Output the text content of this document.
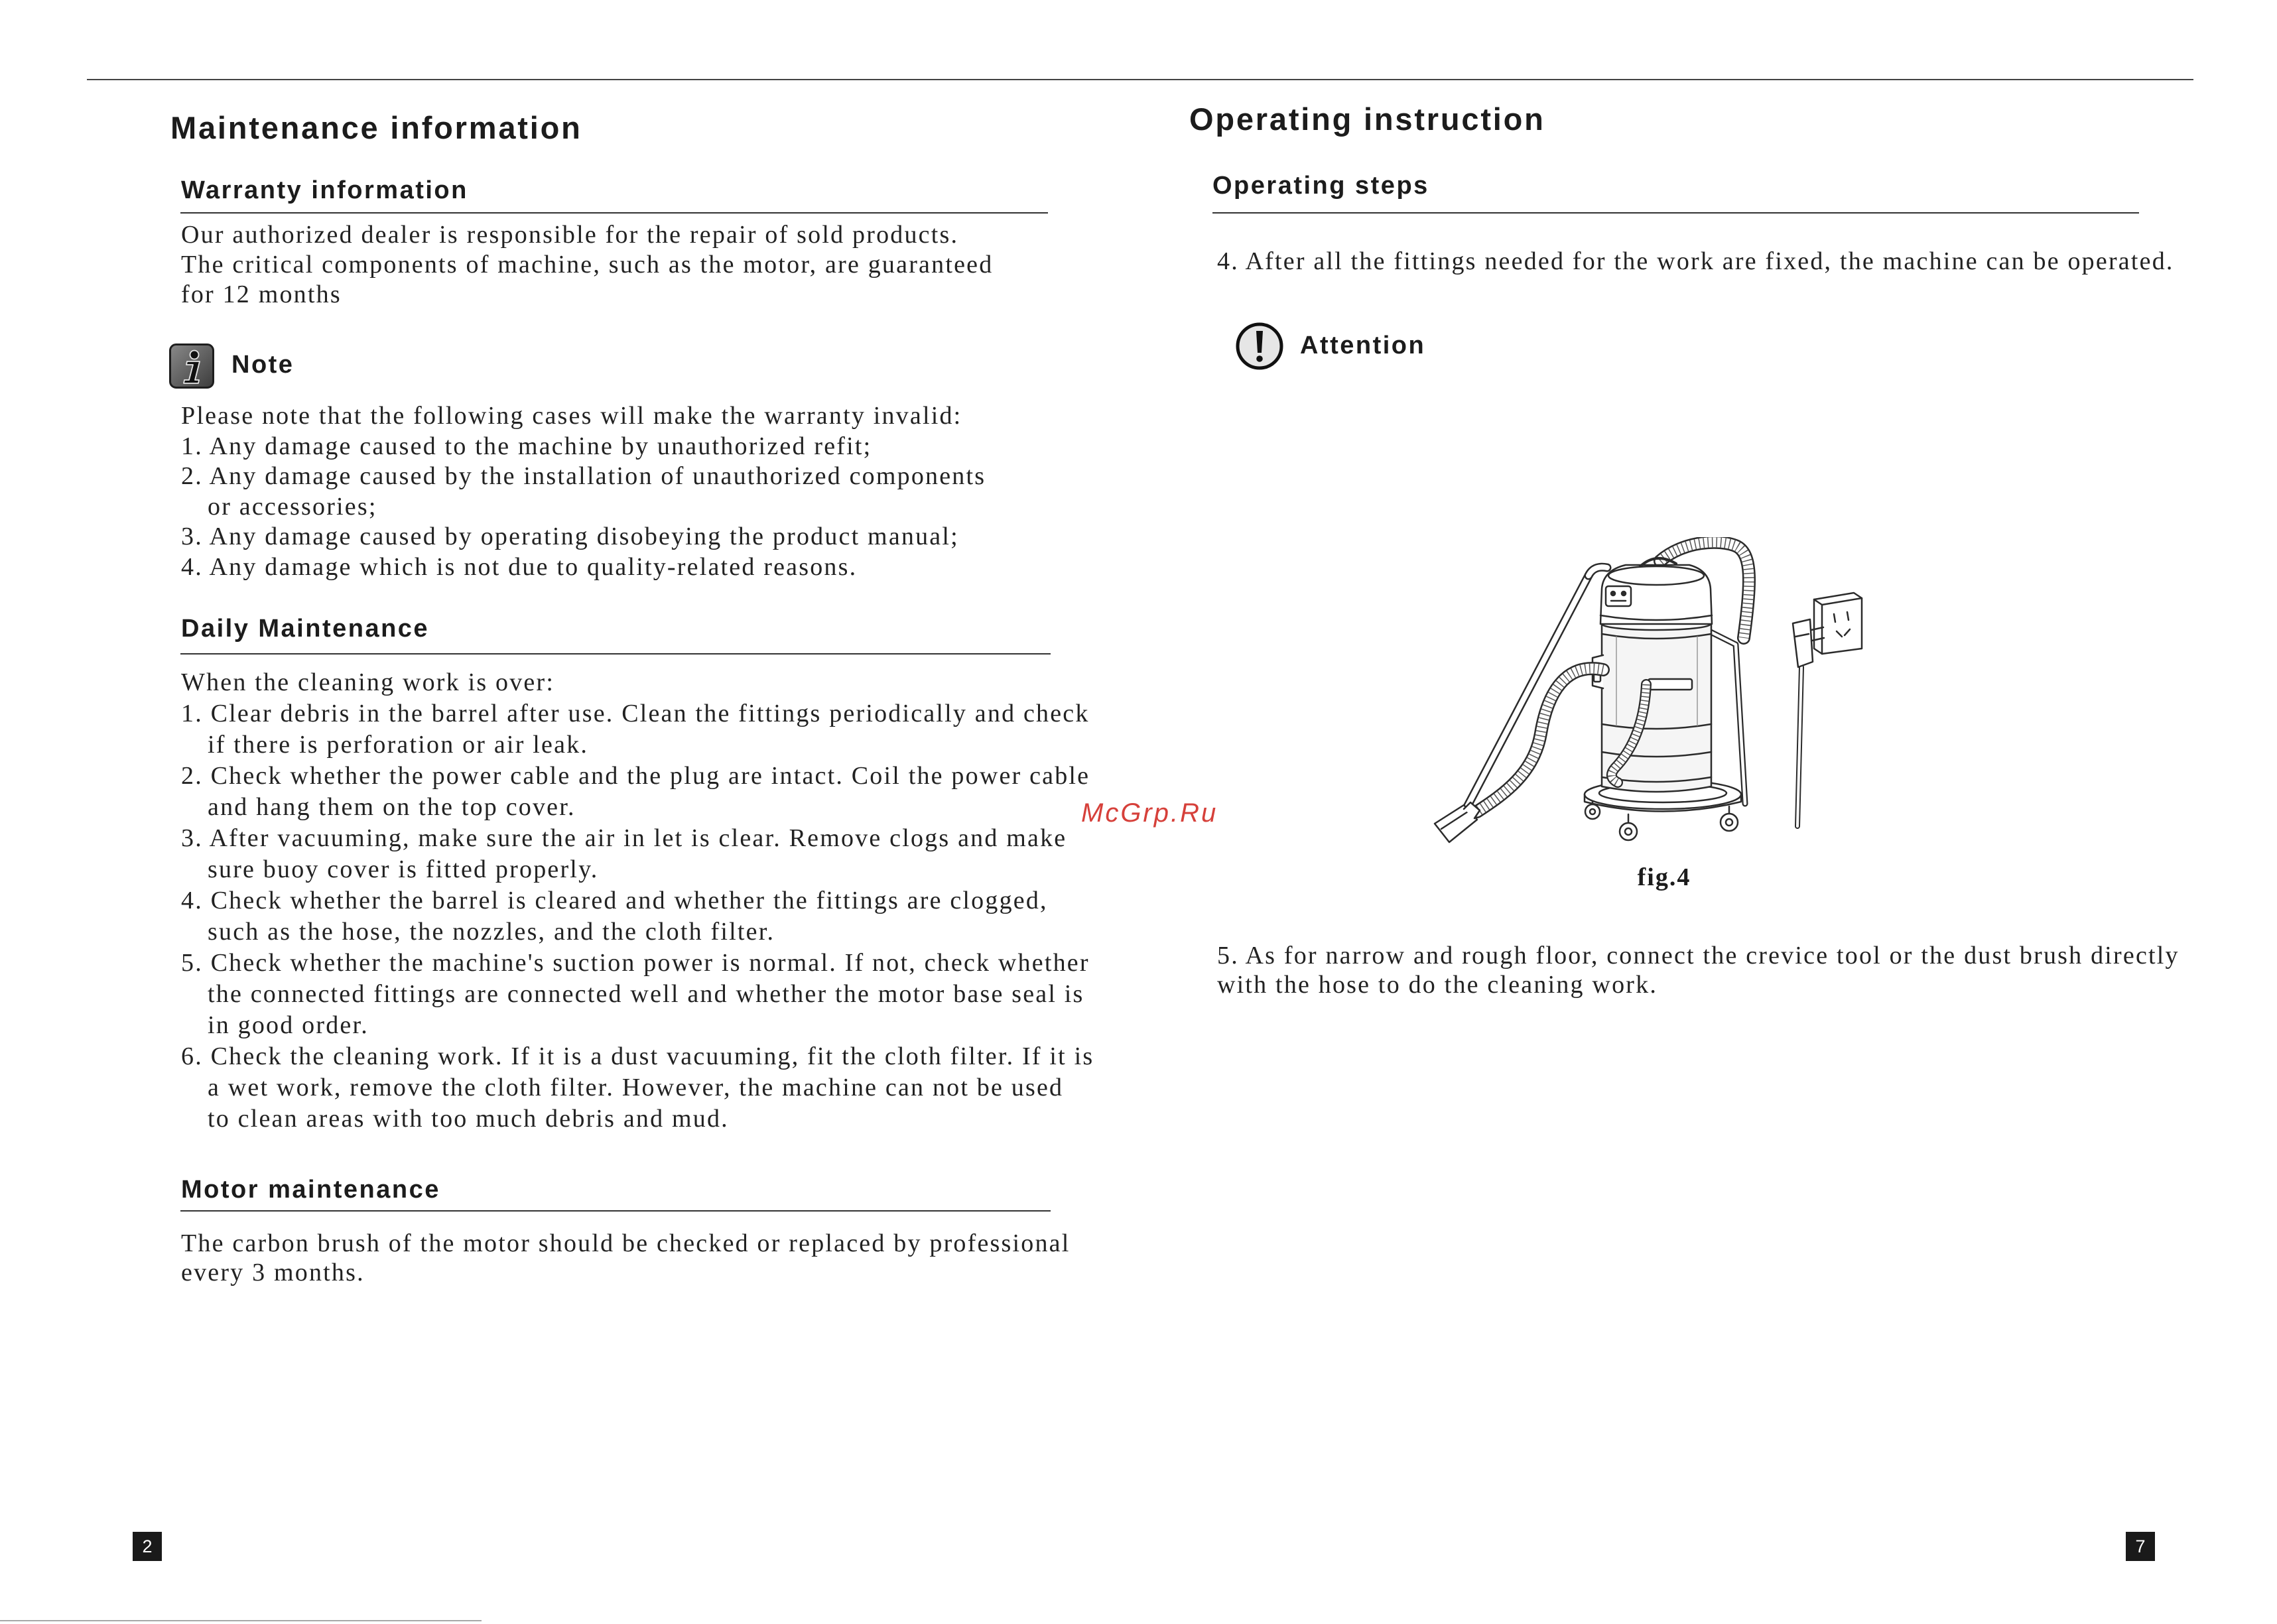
Maintenance information
Warranty information
Our authorized dealer is responsible for the repair of sold products.
The critical components of machine, such as the motor, are guaranteed
for 12 months
Note
Please note that the following cases will make the warranty invalid:
1. Any damage caused to the machine by unauthorized refit;
2. Any damage caused by the installation of unauthorized components
or accessories;
3. Any damage caused by operating disobeying the product manual;
4. Any damage which is not due to quality-related reasons.
Daily Maintenance
When the cleaning work is over:
1. Clear debris in the barrel after use. Clean the fittings periodically and check
if there is perforation or air leak.
2. Check whether the power cable and the plug are intact. Coil the power cable
and hang them on the top cover.
3. After vacuuming, make sure the air in let is clear. Remove clogs and make
sure buoy cover is fitted properly.
4. Check whether the barrel is cleared and whether the fittings are clogged,
such as the hose, the nozzles, and the cloth filter.
5. Check whether the machine's suction power is normal. If not, check whether
the connected fittings are connected well and whether the motor base seal is
in good order.
6. Check the cleaning work. If it is a dust vacuuming, fit the cloth filter. If it is
a wet work, remove the cloth filter. However, the machine can not be used
to clean areas with too much debris and mud.
Motor maintenance
The carbon brush of the motor should be checked or replaced by professional
every 3 months.
2
Operating instruction
Operating steps
4. After all the fittings needed for the work are fixed, the machine can be operated.
Attention
fig.4
5. As for narrow and rough floor, connect the crevice tool or the dust brush directly
with the hose to do the cleaning work.
7
McGrp.Ru
